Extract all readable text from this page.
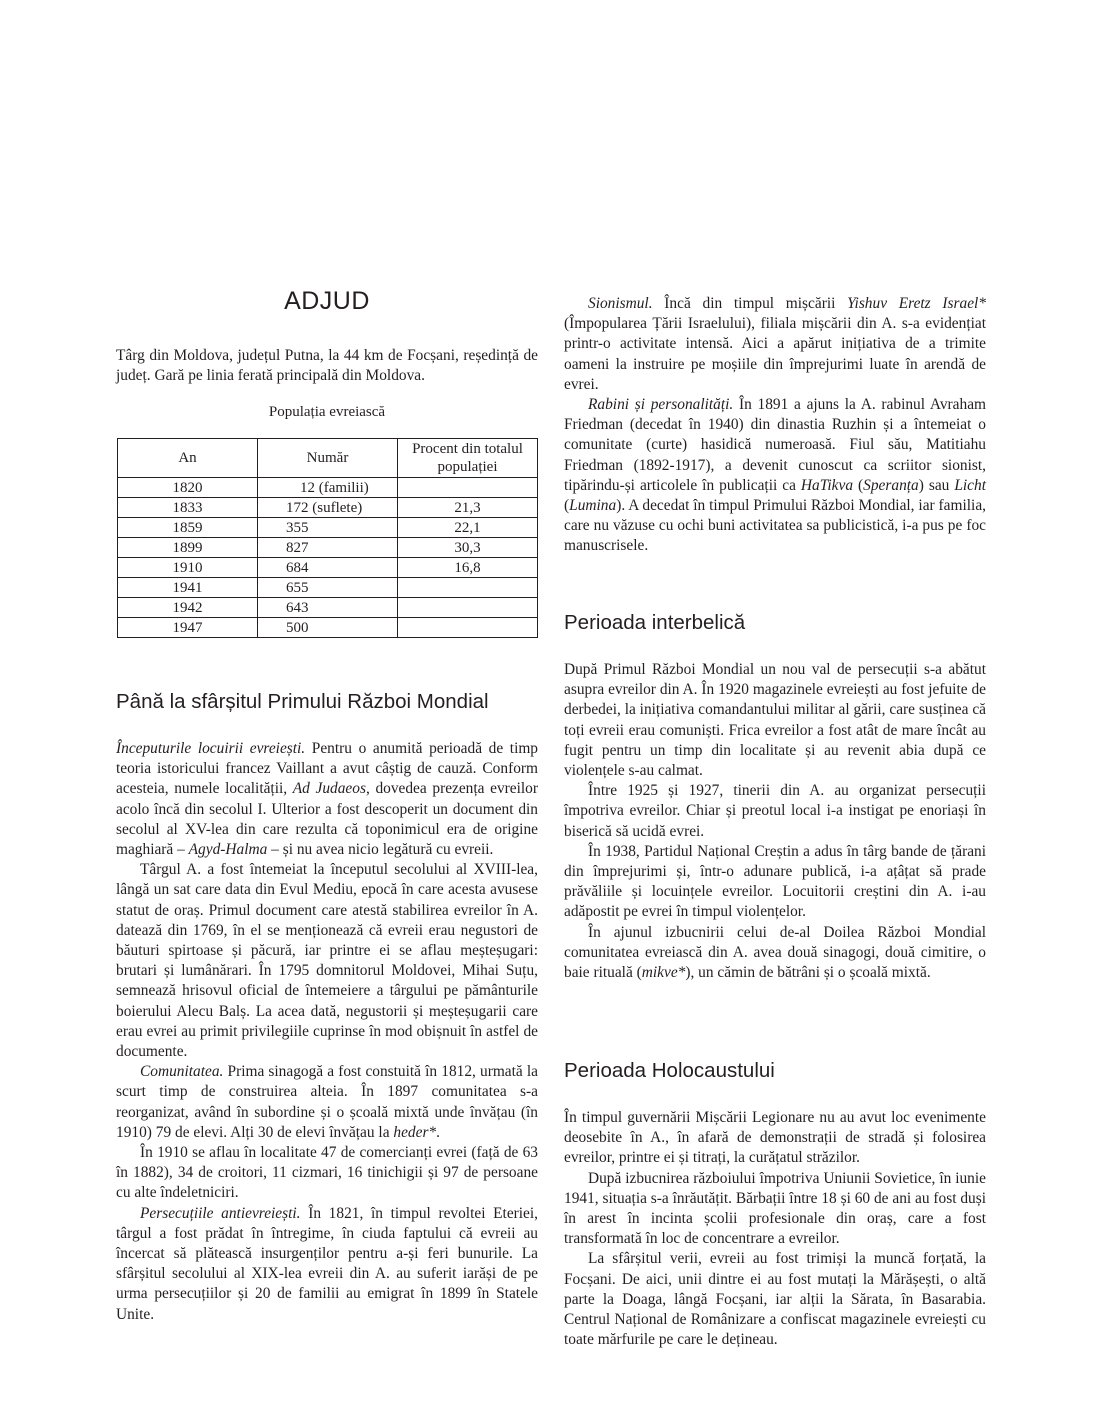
ADJUD

Târg din Moldova, județul Putna, la 44 km de Focșani, reședință de județ. Gară pe linia ferată principală din Moldova.

Populația evreiască
An	Număr	Procent din totalul populației
1820	12 (familii)	
1833	172 (suflete)	21,3
1859	355	22,1
1899	827	30,3
1910	684	16,8
1941	655	
1942	643	
1947	500	
Până la sfârșitul Primului Război Mondial

Începuturile locuirii evreiești. Pentru o anumită perioadă de timp teoria istoricului francez Vaillant a avut câștig de cauză. Conform acesteia, numele localității, Ad Judaeos, dovedea prezența evreilor acolo încă din secolul I. Ulterior a fost descoperit un document din secolul al XV-lea din care rezulta că toponimicul era de origine maghiară – Agyd-Halma – și nu avea nicio legătură cu evreii.

Târgul A. a fost întemeiat la începutul secolului al XVIII-lea, lângă un sat care data din Evul Mediu, epocă în care acesta avusese statut de oraș. Primul document care atestă stabilirea evreilor în A. datează din 1769, în el se menționează că evreii erau negustori de băuturi spirtoase și păcură, iar printre ei se aflau meșteșugari: brutari și lumânărari. În 1795 domnitorul Moldovei, Mihai Suțu, semnează hrisovul oficial de întemeiere a târgului pe pământurile boierului Alecu Balș. La acea dată, negustorii și meșteșugarii care erau evrei au primit privilegiile cuprinse în mod obișnuit în astfel de documente.

Comunitatea. Prima sinagogă a fost constuită în 1812, urmată la scurt timp de construirea alteia. În 1897 comunitatea s-a reorganizat, având în subordine și o școală mixtă unde învățau (în 1910) 79 de elevi. Alți 30 de elevi învățau la heder*.

În 1910 se aflau în localitate 47 de comercianți evrei (față de 63 în 1882), 34 de croitori, 11 cizmari, 16 tinichigii și 97 de persoane cu alte îndeletniciri.

Persecuțiile antievreiești. În 1821, în timpul revoltei Eteriei, târgul a fost prădat în întregime, în ciuda faptului că evreii au încercat să plătească insurgenților pentru a-și feri bunurile. La sfârșitul secolului al XIX-lea evreii din A. au suferit iarăși de pe urma persecuțiilor și 20 de familii au emigrat în 1899 în Statele Unite.

Sionismul. Încă din timpul mișcării Yishuv Eretz Israel* (Împopularea Țării Israelului), filiala mișcării din A. s-a evidențiat printr-o activitate intensă. Aici a apărut inițiativa de a trimite oameni la instruire pe moșiile din împrejurimi luate în arendă de evrei.

Rabini și personalități. În 1891 a ajuns la A. rabinul Avraham Friedman (decedat în 1940) din dinastia Ruzhin și a întemeiat o comunitate (curte) hasidică numeroasă. Fiul său, Matitiahu Friedman (1892-1917), a devenit cunoscut ca scriitor sionist, tipărindu-și articolele în publicații ca HaTikva (Speranța) sau Licht (Lumina). A decedat în timpul Primului Război Mondial, iar familia, care nu văzuse cu ochi buni activitatea sa publicistică, i-a pus pe foc manuscrisele.

Perioada interbelică

După Primul Război Mondial un nou val de persecuții s-a abătut asupra evreilor din A. În 1920 magazinele evreiești au fost jefuite de derbedei, la inițiativa comandantului militar al gării, care susținea că toți evreii erau comuniști. Frica evreilor a fost atât de mare încât au fugit pentru un timp din localitate și au revenit abia după ce violențele s-au calmat.

Între 1925 și 1927, tinerii din A. au organizat persecuții împotriva evreilor. Chiar și preotul local i-a instigat pe enoriași în biserică să ucidă evrei.

În 1938, Partidul Național Creștin a adus în târg bande de țărani din împrejurimi și, într-o adunare publică, i-a ațâțat să prade prăvăliile și locuințele evreilor. Locuitorii creștini din A. i-au adăpostit pe evrei în timpul violențelor.

În ajunul izbucnirii celui de-al Doilea Război Mondial comunitatea evreiască din A. avea două sinagogi, două cimitire, o baie rituală (mikve*), un cămin de bătrâni și o școală mixtă.

Perioada Holocaustului

În timpul guvernării Mișcării Legionare nu au avut loc evenimente deosebite în A., în afară de demonstrații de stradă și folosirea evreilor, printre ei și titrați, la curățatul străzilor.

După izbucnirea războiului împotriva Uniunii Sovietice, în iunie 1941, situația s-a înrăutățit. Bărbații între 18 și 60 de ani au fost duși în arest în incinta școlii profesionale din oraș, care a fost transformată în loc de concentrare a evreilor.

La sfârșitul verii, evreii au fost trimiși la muncă forțată, la Focșani. De aici, unii dintre ei au fost mutați la Mărășești, o altă parte la Doaga, lângă Focșani, iar alții la Sărata, în Basarabia. Centrul Național de Românizare a confiscat magazinele evreiești cu toate mărfurile pe care le dețineau.
